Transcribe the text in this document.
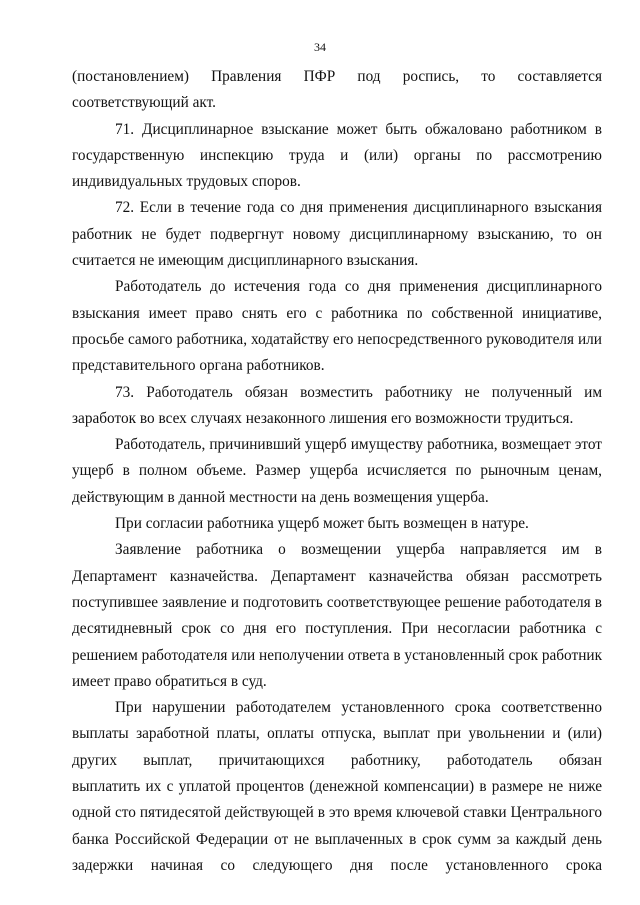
34
(постановлением) Правления ПФР под роспись, то составляется
соответствующий акт.
71. Дисциплинарное взыскание может быть обжаловано работником в
государственную инспекцию труда и (или) органы по рассмотрению
индивидуальных трудовых споров.
72. Если в течение года со дня применения дисциплинарного взыскания
работник не будет подвергнут новому дисциплинарному взысканию, то он
считается не имеющим дисциплинарного взыскания.
Работодатель до истечения года со дня применения дисциплинарного
взыскания имеет право снять его с работника по собственной инициативе,
просьбе самого работника, ходатайству его непосредственного руководителя или
представительного органа работников.
73. Работодатель обязан возместить работнику не полученный им
заработок во всех случаях незаконного лишения его возможности трудиться.
Работодатель, причинивший ущерб имуществу работника, возмещает этот
ущерб в полном объеме. Размер ущерба исчисляется по рыночным ценам,
действующим в данной местности на день возмещения ущерба.
При согласии работника ущерб может быть возмещен в натуре.
Заявление работника о возмещении ущерба направляется им в
Департамент казначейства. Департамент казначейства обязан рассмотреть
поступившее заявление и подготовить соответствующее решение работодателя в
десятидневный срок со дня его поступления. При несогласии работника с
решением работодателя или неполучении ответа в установленный срок работник
имеет право обратиться в суд.
При нарушении работодателем установленного срока соответственно
выплаты заработной платы, оплаты отпуска, выплат при увольнении и (или)
других выплат, причитающихся работнику, работодатель обязан
выплатить их с уплатой процентов (денежной компенсации) в размере не ниже
одной сто пятидесятой действующей в это время ключевой ставки Центрального
банка Российской Федерации от не выплаченных в срок сумм за каждый день
задержки начиная со следующего дня после установленного срока
